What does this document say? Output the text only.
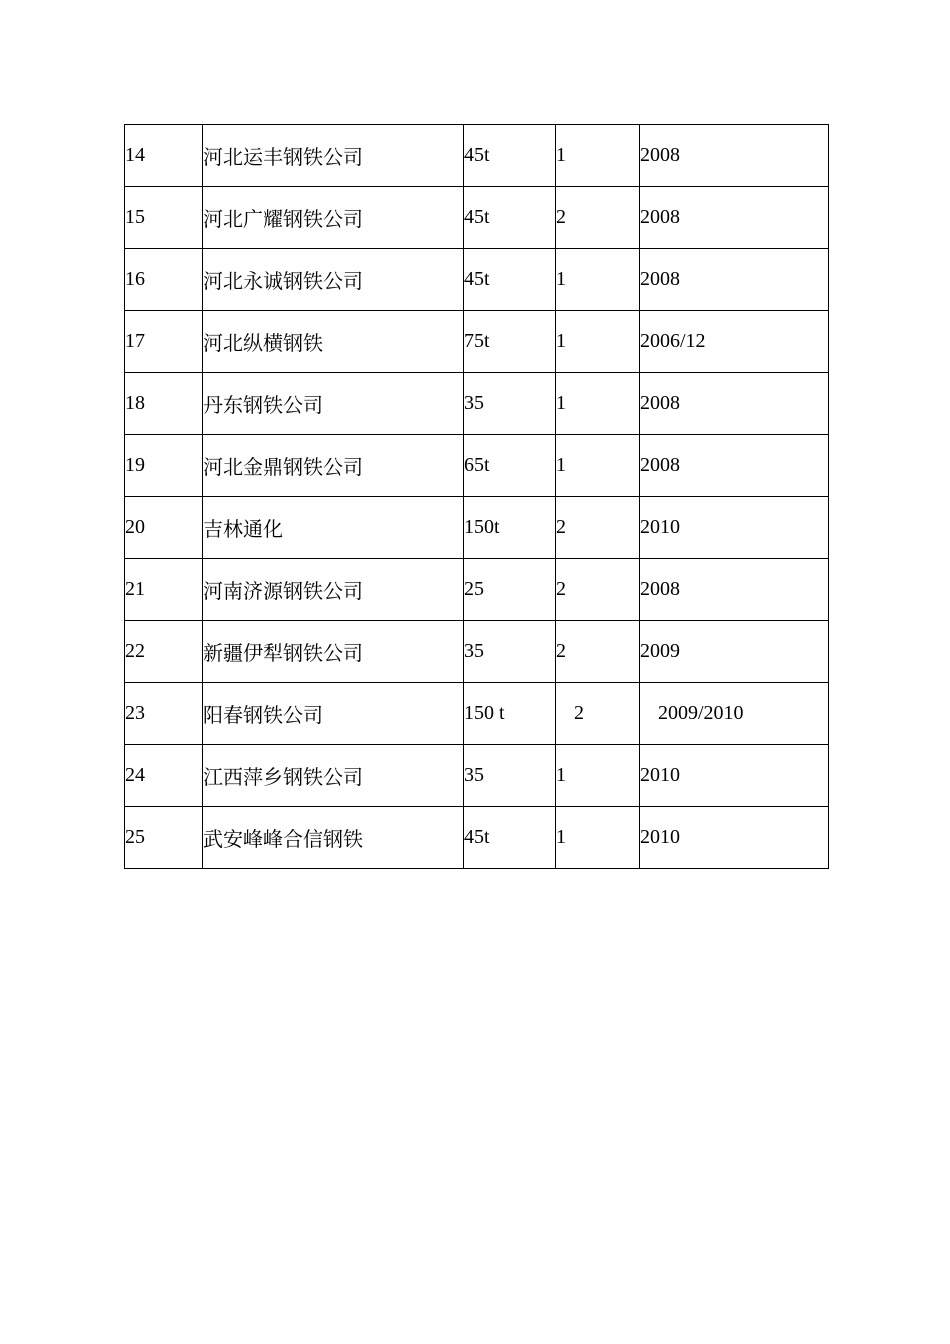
14	河北运丰钢铁公司	45t	1	2008
15	河北广耀钢铁公司	45t	2	2008
16	河北永诚钢铁公司	45t	1	2008
17	河北纵横钢铁	75t	1	2006/12
18	丹东钢铁公司	35	1	2008
19	河北金鼎钢铁公司	65t	1	2008
20	吉林通化	150t	2	2010
21	河南济源钢铁公司	25	2	2008
22	新疆伊犁钢铁公司	35	2	2009
23	阳春钢铁公司	150 t	2	2009/2010
24	江西萍乡钢铁公司	35	1	2010
25	武安峰峰合信钢铁	45t	1	2010
